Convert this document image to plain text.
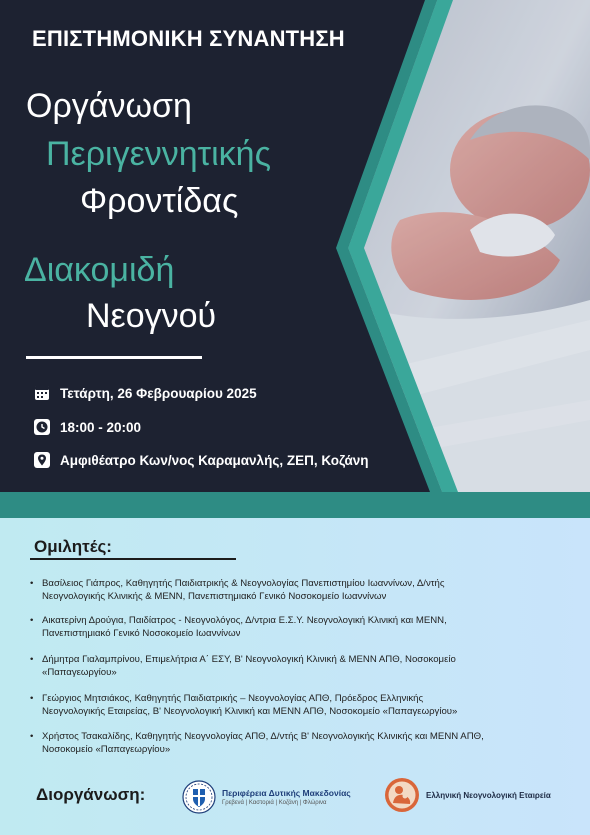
ΕΠΙΣΤΗΜΟΝΙΚΗ ΣΥΝΑΝΤΗΣΗ
Οργάνωση
Περιγεννητικής
Φροντίδας
Διακομιδή
Νεογνού
Τετάρτη, 26 Φεβρουαρίου 2025
18:00 - 20:00
Αμφιθέατρο Κων/νος Καραμανλής, ΖΕΠ, Κοζάνη
Ομιλητές:
• Βασίλειος Γιάπρος, Καθηγητής Παιδιατρικής & Νεογνολογίας Πανεπιστημίου Ιωαννίνων, Δ/ντής
Νεογνολογικής Κλινικής & ΜΕΝΝ, Πανεπιστημιακό Γενικό Νοσοκομείο Ιωαννίνων
• Αικατερίνη Δρούγια, Παιδίατρος - Νεογνολόγος, Δ/ντρια Ε.Σ.Υ. Νεογνολογική Κλινική και ΜΕΝΝ,
Πανεπιστημιακό Γενικό Νοσοκομείο Ιωαννίνων
• Δήμητρα Γιαλαμπρίνου, Επιμελήτρια Α΄ ΕΣΥ, Β' Νεογνολογική Κλινική & ΜΕΝΝ ΑΠΘ, Νοσοκομείο
«Παπαγεωργίου»
• Γεώργιος Μητσιάκος, Καθηγητής Παιδιατρικής – Νεογνολογίας ΑΠΘ, Πρόεδρος Ελληνικής
Νεογνολογικής Εταιρείας, Β' Νεογνολογική Κλινική και ΜΕΝΝ ΑΠΘ, Νοσοκομείο «Παπαγεωργίου»
• Χρήστος Τσακαλίδης, Καθηγητής Νεογνολογίας ΑΠΘ, Δ/ντής Β' Νεογνολογικής Κλινικής και ΜΕΝΝ ΑΠΘ,
Νοσοκομείο «Παπαγεωργίου»
Διοργάνωση:	Περιφέρεια Δυτικής Μακεδονίας
Γρεβενά | Καστοριά | Κοζάνη | Φλώρινα
Ελληνική Νεογνολογική Εταιρεία
